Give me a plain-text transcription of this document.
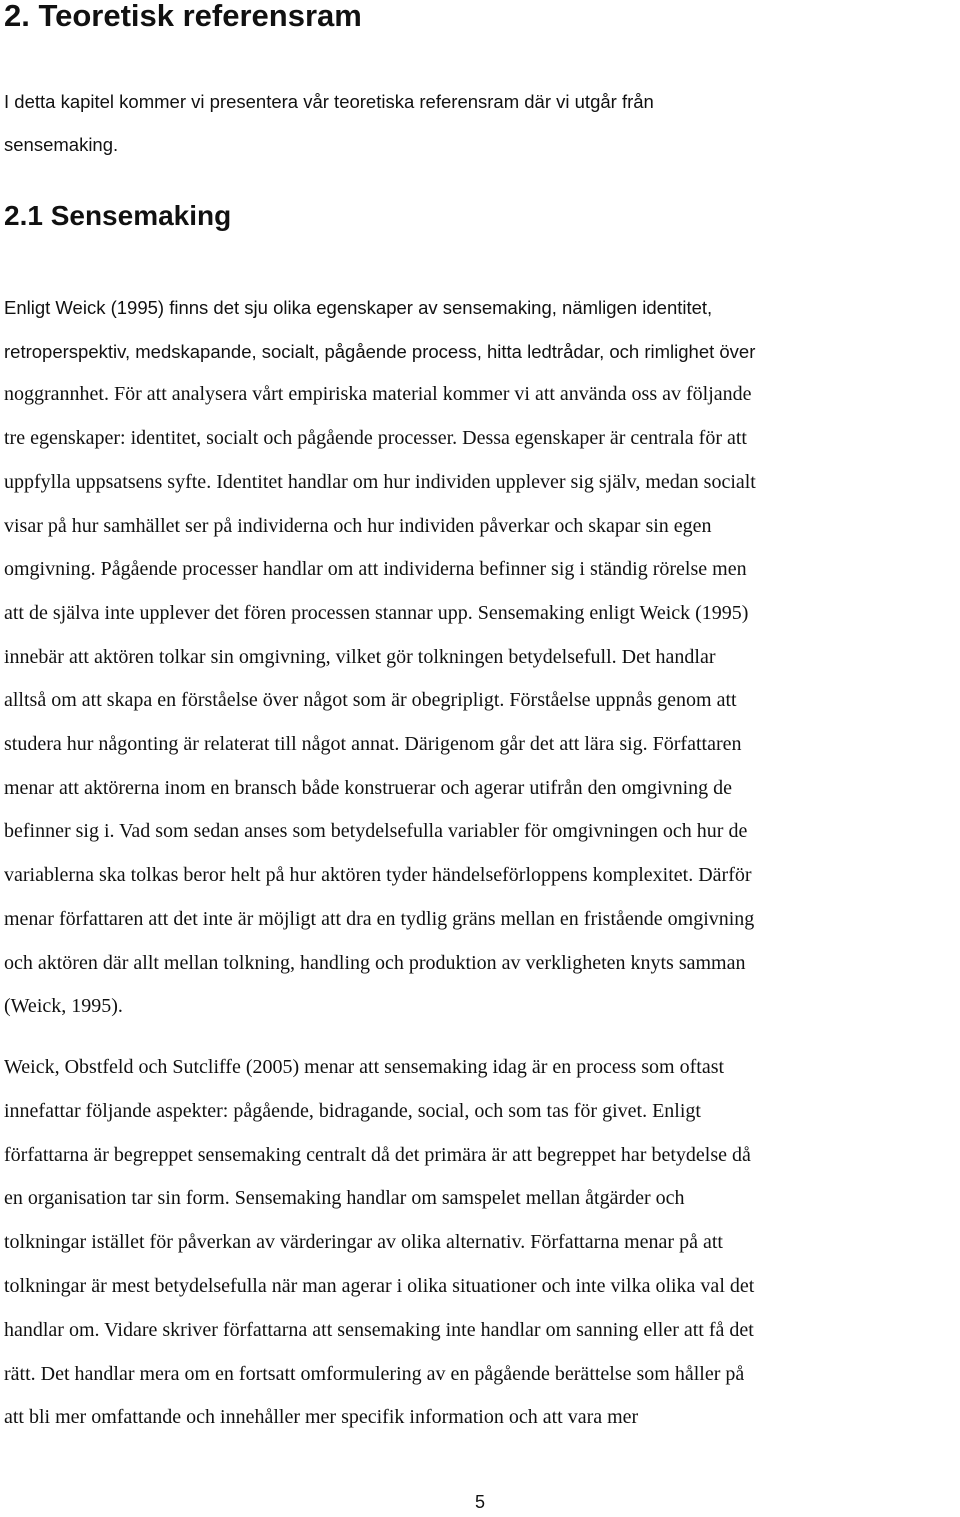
2. Teoretisk referensram

I detta kapitel kommer vi presentera vår teoretiska referensram där vi utgår från
sensemaking.

2.1 Sensemaking

Enligt Weick (1995) finns det sju olika egenskaper av sensemaking, nämligen identitet,
retroperspektiv, medskapande, socialt, pågående process, hitta ledtrådar, och rimlighet över
noggrannhet. För att analysera vårt empiriska material kommer vi att använda oss av följande
tre egenskaper: identitet, socialt och pågående processer. Dessa egenskaper är centrala för att
uppfylla uppsatsens syfte. Identitet handlar om hur individen upplever sig själv, medan socialt
visar på hur samhället ser på individerna och hur individen påverkar och skapar sin egen
omgivning. Pågående processer handlar om att individerna befinner sig i ständig rörelse men
att de själva inte upplever det fören processen stannar upp. Sensemaking enligt Weick (1995)
innebär att aktören tolkar sin omgivning, vilket gör tolkningen betydelsefull. Det handlar
alltså om att skapa en förståelse över något som är obegripligt. Förståelse uppnås genom att
studera hur någonting är relaterat till något annat. Därigenom går det att lära sig. Författaren
menar att aktörerna inom en bransch både konstruerar och agerar utifrån den omgivning de
befinner sig i. Vad som sedan anses som betydelsefulla variabler för omgivningen och hur de
variablerna ska tolkas beror helt på hur aktören tyder händelseförloppens komplexitet. Därför
menar författaren att det inte är möjligt att dra en tydlig gräns mellan en fristående omgivning
och aktören där allt mellan tolkning, handling och produktion av verkligheten knyts samman
(Weick, 1995).

Weick, Obstfeld och Sutcliffe (2005) menar att sensemaking idag är en process som oftast
innefattar följande aspekter: pågående, bidragande, social, och som tas för givet. Enligt
författarna är begreppet sensemaking centralt då det primära är att begreppet har betydelse då
en organisation tar sin form. Sensemaking handlar om samspelet mellan åtgärder och
tolkningar istället för påverkan av värderingar av olika alternativ. Författarna menar på att
tolkningar är mest betydelsefulla när man agerar i olika situationer och inte vilka olika val det
handlar om. Vidare skriver författarna att sensemaking inte handlar om sanning eller att få det
rätt. Det handlar mera om en fortsatt omformulering av en pågående berättelse som håller på
att bli mer omfattande och innehåller mer specifik information och att vara mer

5
